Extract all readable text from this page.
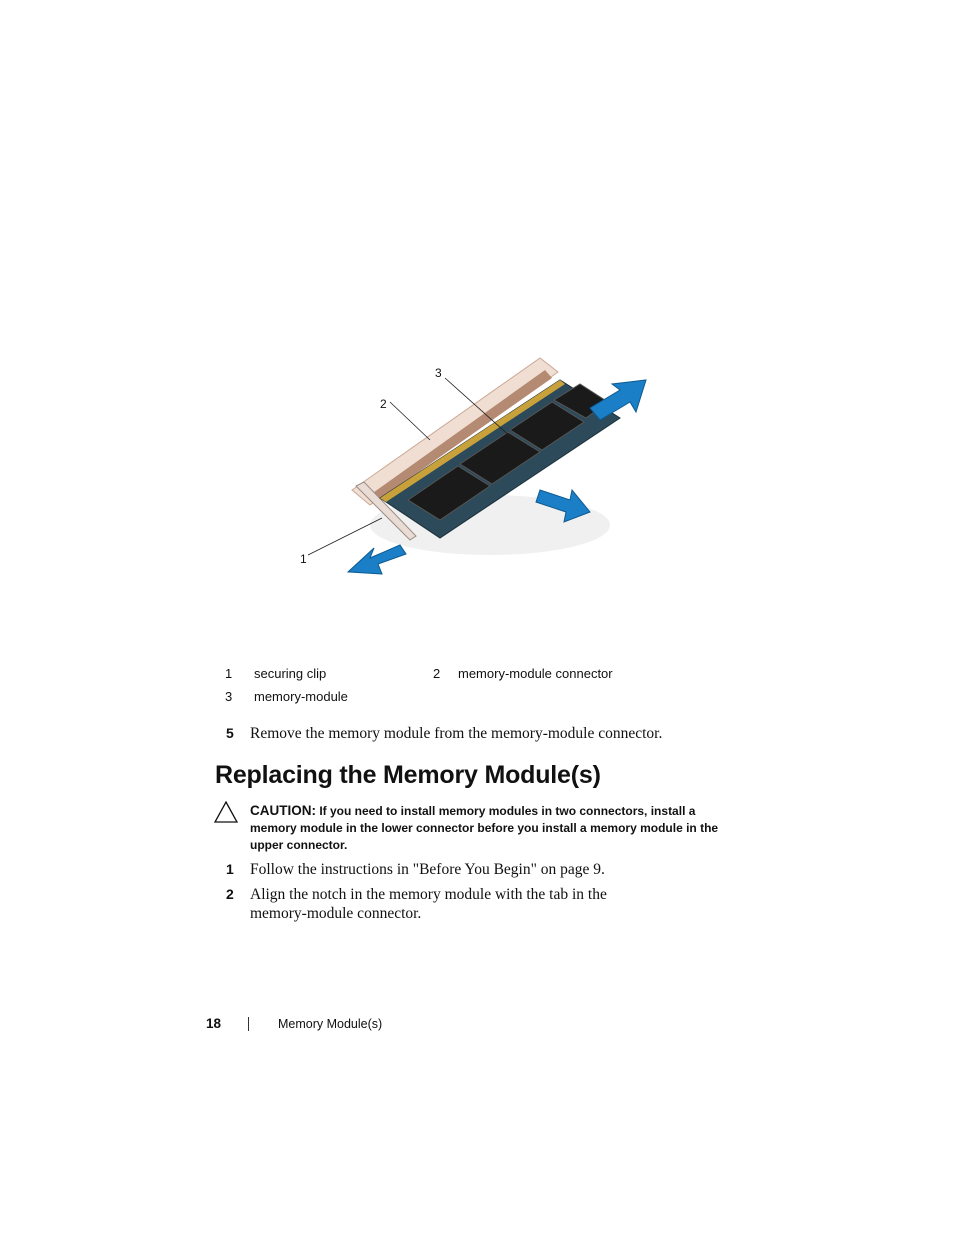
1
2
3
1 securing clip	2 memory-module connector
3 memory-module
5 Remove the memory module from the memory-module connector.
Replacing the Memory Module(s)
CAUTION: If you need to install memory modules in two connectors, install a memory module in the lower connector before you install a memory module in the upper connector.
1 Follow the instructions in "Before You Begin" on page 9.
2 Align the notch in the memory module with the tab in the memory-module connector.
18	Memory Module(s)
